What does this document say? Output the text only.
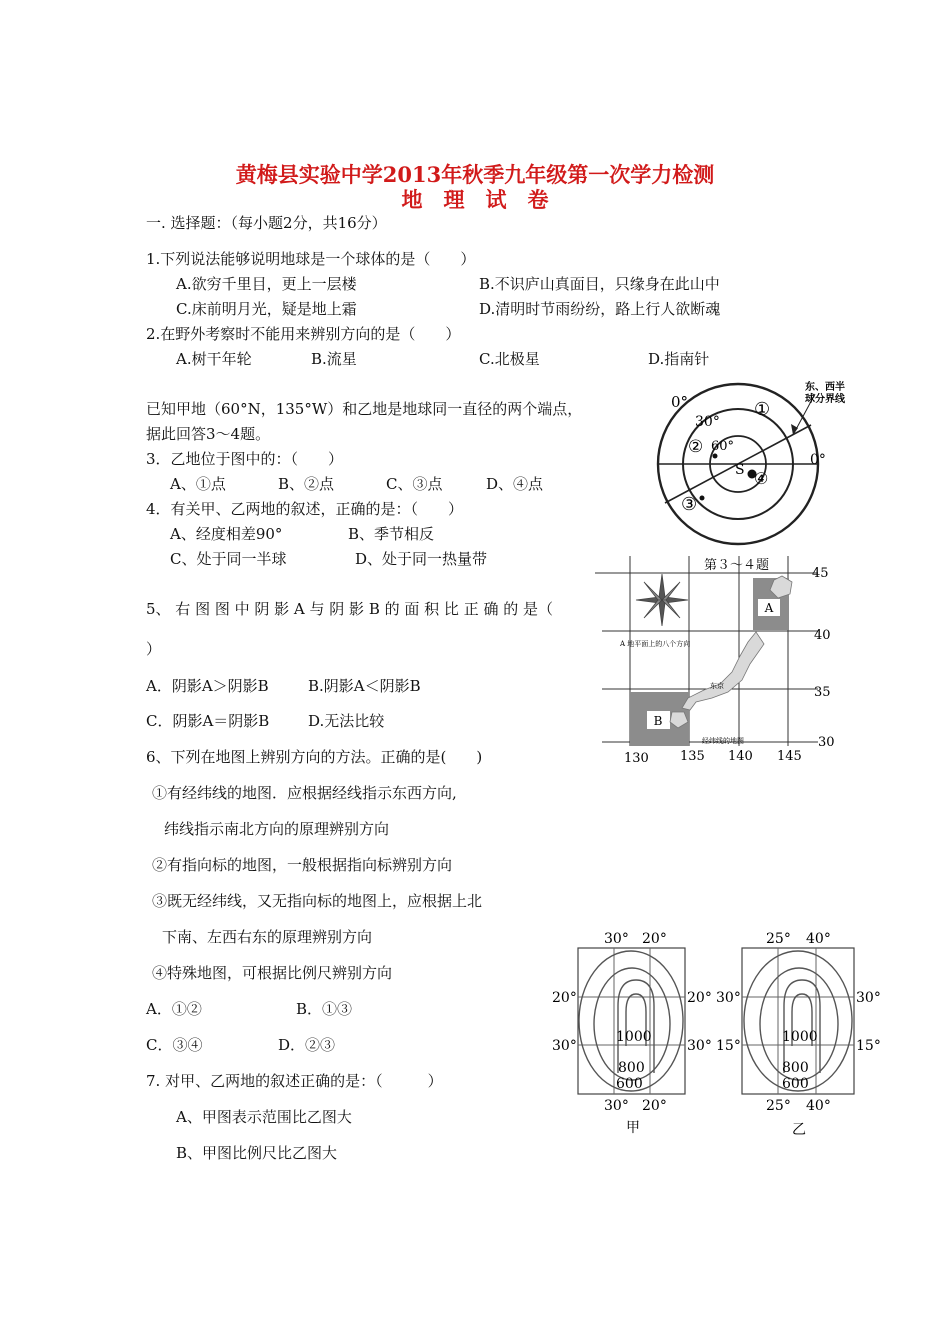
黄梅县实验中学2013年秋季九年级第一次学力检测
地　理　试　卷
一. 选择题：（每小题2分，共16分）
1.下列说法能够说明地球是一个球体的是（　　）
A.欲穷千里目，更上一层楼	B.不识庐山真面目，只缘身在此山中
C.床前明月光，疑是地上霜	D.清明时节雨纷纷，路上行人欲断魂
2.在野外考察时不能用来辨别方向的是（　　）
A.树干年轮	B.流星	C.北极星	D.指南针
已知甲地（60°N，135°W）和乙地是地球同一直径的两个端点，
据此回答3～4题。
3．乙地位于图中的：（　　）
A、①点	B、②点	C、③点	D、④点
4．有关甲、乙两地的叙述，正确的是：（　　）
A、经度相差90°	B、季节相反
C、处于同一半球	D、处于同一热量带
5、 右 图 图 中 阴 影 A 与 阴 影 B 的 面 积 比 正 确 的 是（
）
A．阴影A＞阴影B	B.阴影A＜阴影B
C．阴影A＝阴影B	D.无法比较
6、下列在地图上辨别方向的方法。正确的是(　　)
①有经纬线的地图．应根据经线指示东西方向,
纬线指示南北方向的原理辨别方向
②有指向标的地图，一般根据指向标辨别方向
③既无经纬线，又无指向标的地图上，应根据上北
下南、左西右东的原理辨别方向
④特殊地图，可根据比例尺辨别方向
A．①②	B．①③
C．③④	D．②③
7. 对甲、乙两地的叙述正确的是：（　　　）
A、甲图表示范围比乙图大
B、甲图比例尺比乙图大
0°
30°
60°
0°
S
①
②
③
④
东、西半
球分界线
A
B
A 地平面上的八个方向
东京
经纬线的地图
第３～４题
45
40
35
30
130 135 140 145
30° 20°
20°
30°
20°
30°
30° 20°
1000
800
600
甲
25° 40°
30°
15°
30°
15°
25° 40°
1000
800
600
乙
